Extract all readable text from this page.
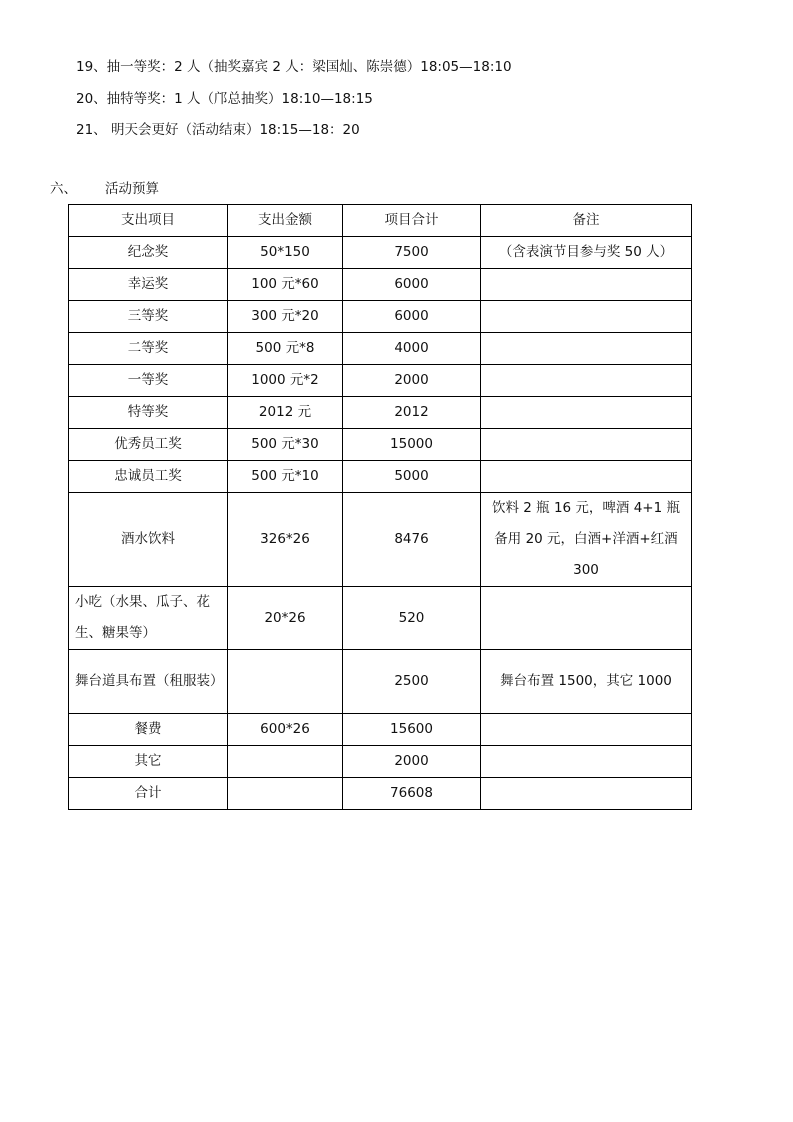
19、抽一等奖：2 人（抽奖嘉宾 2 人：梁国灿、陈崇德）18:05—18:10
20、抽特等奖：1 人（邝总抽奖）18:10—18:15
21、 明天会更好（活动结束）18:15—18：20
六、 活动预算
支出项目	支出金额	项目合计	备注
纪念奖	50*150	7500	（含表演节目参与奖 50 人）
幸运奖	100 元*60	6000	
三等奖	300 元*20	6000	
二等奖	500 元*8	4000	
一等奖	1000 元*2	2000	
特等奖	2012 元	2012	
优秀员工奖	500 元*30	15000	
忠诚员工奖	500 元*10	5000	
酒水饮料	326*26	8476	饮料 2 瓶 16 元，啤酒 4+1 瓶备用 20 元，白酒+洋酒+红酒 300
小吃（水果、瓜子、花生、糖果等）	20*26	520	
舞台道具布置（租服装）		2500	舞台布置 1500，其它 1000
餐费	600*26	15600	
其它		2000	
合计		76608	
